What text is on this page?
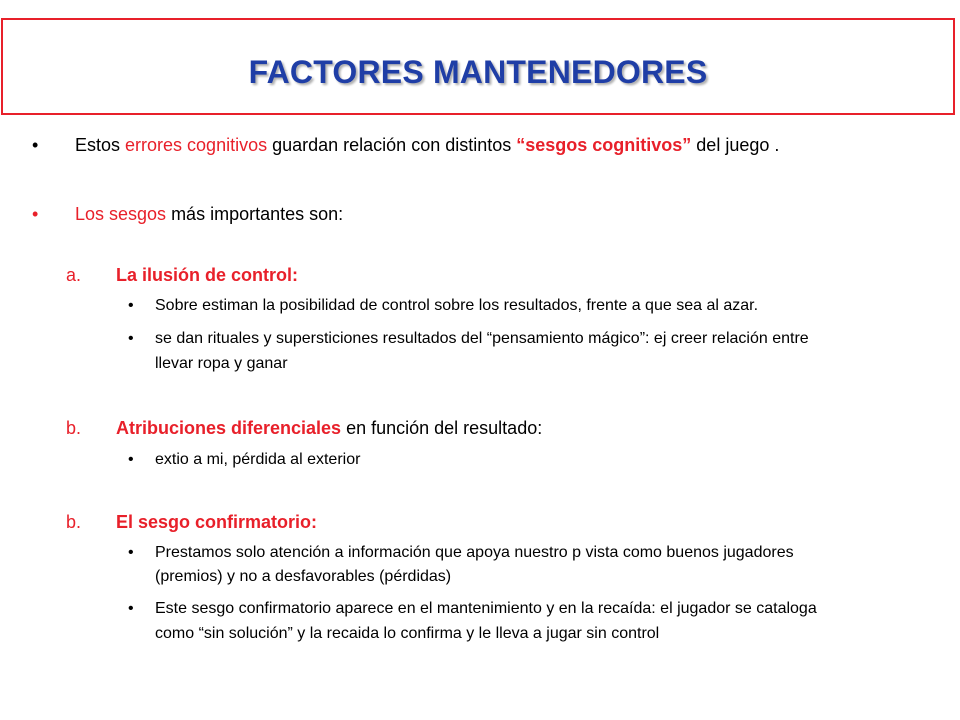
FACTORES MANTENEDORES
• Estos errores cognitivos guardan relación con distintos “sesgos cognitivos” del juego .
• Los sesgos más importantes son:
a. La ilusión de control:
• Sobre estiman la posibilidad de control sobre los resultados, frente a que sea al azar.
• se dan rituales y supersticiones resultados del “pensamiento mágico”: ej creer relación entre
llevar ropa y ganar
b. Atribuciones diferenciales en función del resultado:
• extio a mi, pérdida al exterior
b. El sesgo confirmatorio:
• Prestamos solo atención a información que apoya nuestro p vista como buenos jugadores
(premios) y no a desfavorables (pérdidas)
• Este sesgo confirmatorio aparece en el mantenimiento y en la recaída: el jugador se cataloga
como “sin solución” y la recaida lo confirma y le lleva a jugar sin control
